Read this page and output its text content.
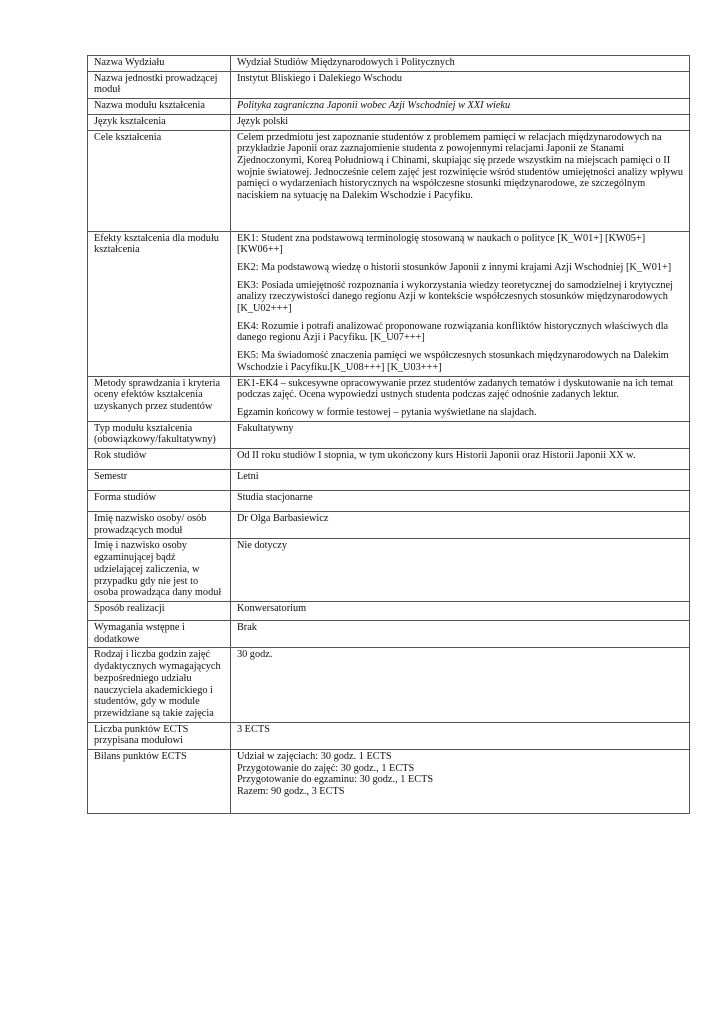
Nazwa Wydziału	Wydział Studiów Międzynarodowych i Politycznych
Nazwa jednostki prowadzącej moduł	Instytut Bliskiego i Dalekiego Wschodu
Nazwa modułu kształcenia	Polityka zagraniczna Japonii wobec Azji Wschodniej w XXI wieku
Język kształcenia	Język polski
Cele kształcenia	Celem przedmiotu jest zapoznanie studentów z problemem pamięci w relacjach międzynarodowych na przykładzie Japonii oraz zaznajomienie studenta z powojennymi relacjami Japonii ze Stanami Zjednoczonymi, Koreą Południową i Chinami, skupiając się przede wszystkim na miejscach pamięci o II wojnie światowej. Jednocześnie celem zajęć jest rozwinięcie wśród studentów umiejętności analizy wpływu pamięci o wydarzeniach historycznych na współczesne stosunki międzynarodowe, ze szczególnym naciskiem na sytuację na Dalekim Wschodzie i Pacyfiku.
Efekty kształcenia dla modułu kształcenia	EK1: Student zna podstawową terminologię stosowaną w naukach o polityce [K_W01+] [KW05+] [KW06++]

EK2: Ma podstawową wiedzę o historii stosunków Japonii z innymi krajami Azji Wschodniej [K_W01+]

EK3: Posiada umiejętność rozpoznania i wykorzystania wiedzy teoretycznej do samodzielnej i krytycznej analizy rzeczywistości danego regionu Azji w kontekście współczesnych stosunków międzynarodowych [K_U02+++]

EK4: Rozumie i potrafi analizować proponowane rozwiązania konfliktów historycznych właściwych dla danego regionu Azji i Pacyfiku. [K_U07+++]

EK5: Ma świadomość znaczenia pamięci we współczesnych stosunkach międzynarodowych na Dalekim Wschodzie i Pacyfiku.[K_U08+++] [K_U03+++]

Metody sprawdzania i kryteria oceny efektów kształcenia uzyskanych przez studentów	EK1-EK4 – sukcesywne opracowywanie przez studentów zadanych tematów i dyskutowanie na ich temat podczas zajęć. Ocena wypowiedzi ustnych studenta podczas zajęć odnośnie zadanych lektur.

Egzamin końcowy w formie testowej – pytania wyświetlane na slajdach.

Typ modułu kształcenia (obowiązkowy/fakultatywny)	Fakultatywny
Rok studiów	Od II roku studiów I stopnia, w tym ukończony kurs Historii Japonii oraz Historii Japonii XX w.
Semestr	Letni
Forma studiów	Studia stacjonarne
Imię nazwisko osoby/ osób prowadzących moduł	Dr Olga Barbasiewicz
Imię i nazwisko osoby egzaminującej bądź udzielającej zaliczenia, w przypadku gdy nie jest to osoba prowadząca dany moduł	Nie dotyczy
Sposób realizacji	Konwersatorium
Wymagania wstępne i dodatkowe	Brak
Rodzaj i liczba godzin zajęć dydaktycznych wymagających bezpośredniego udziału nauczyciela akademickiego i studentów, gdy w module przewidziane są takie zajęcia	30 godz.
Liczba punktów ECTS przypisana modułowi	3 ECTS
Bilans punktów ECTS	Udział w zajęciach: 30 godz. 1 ECTS
Przygotowanie do zajęć: 30 godz., 1 ECTS
Przygotowanie do egzaminu: 30 godz., 1 ECTS
Razem: 90 godz., 3 ECTS
